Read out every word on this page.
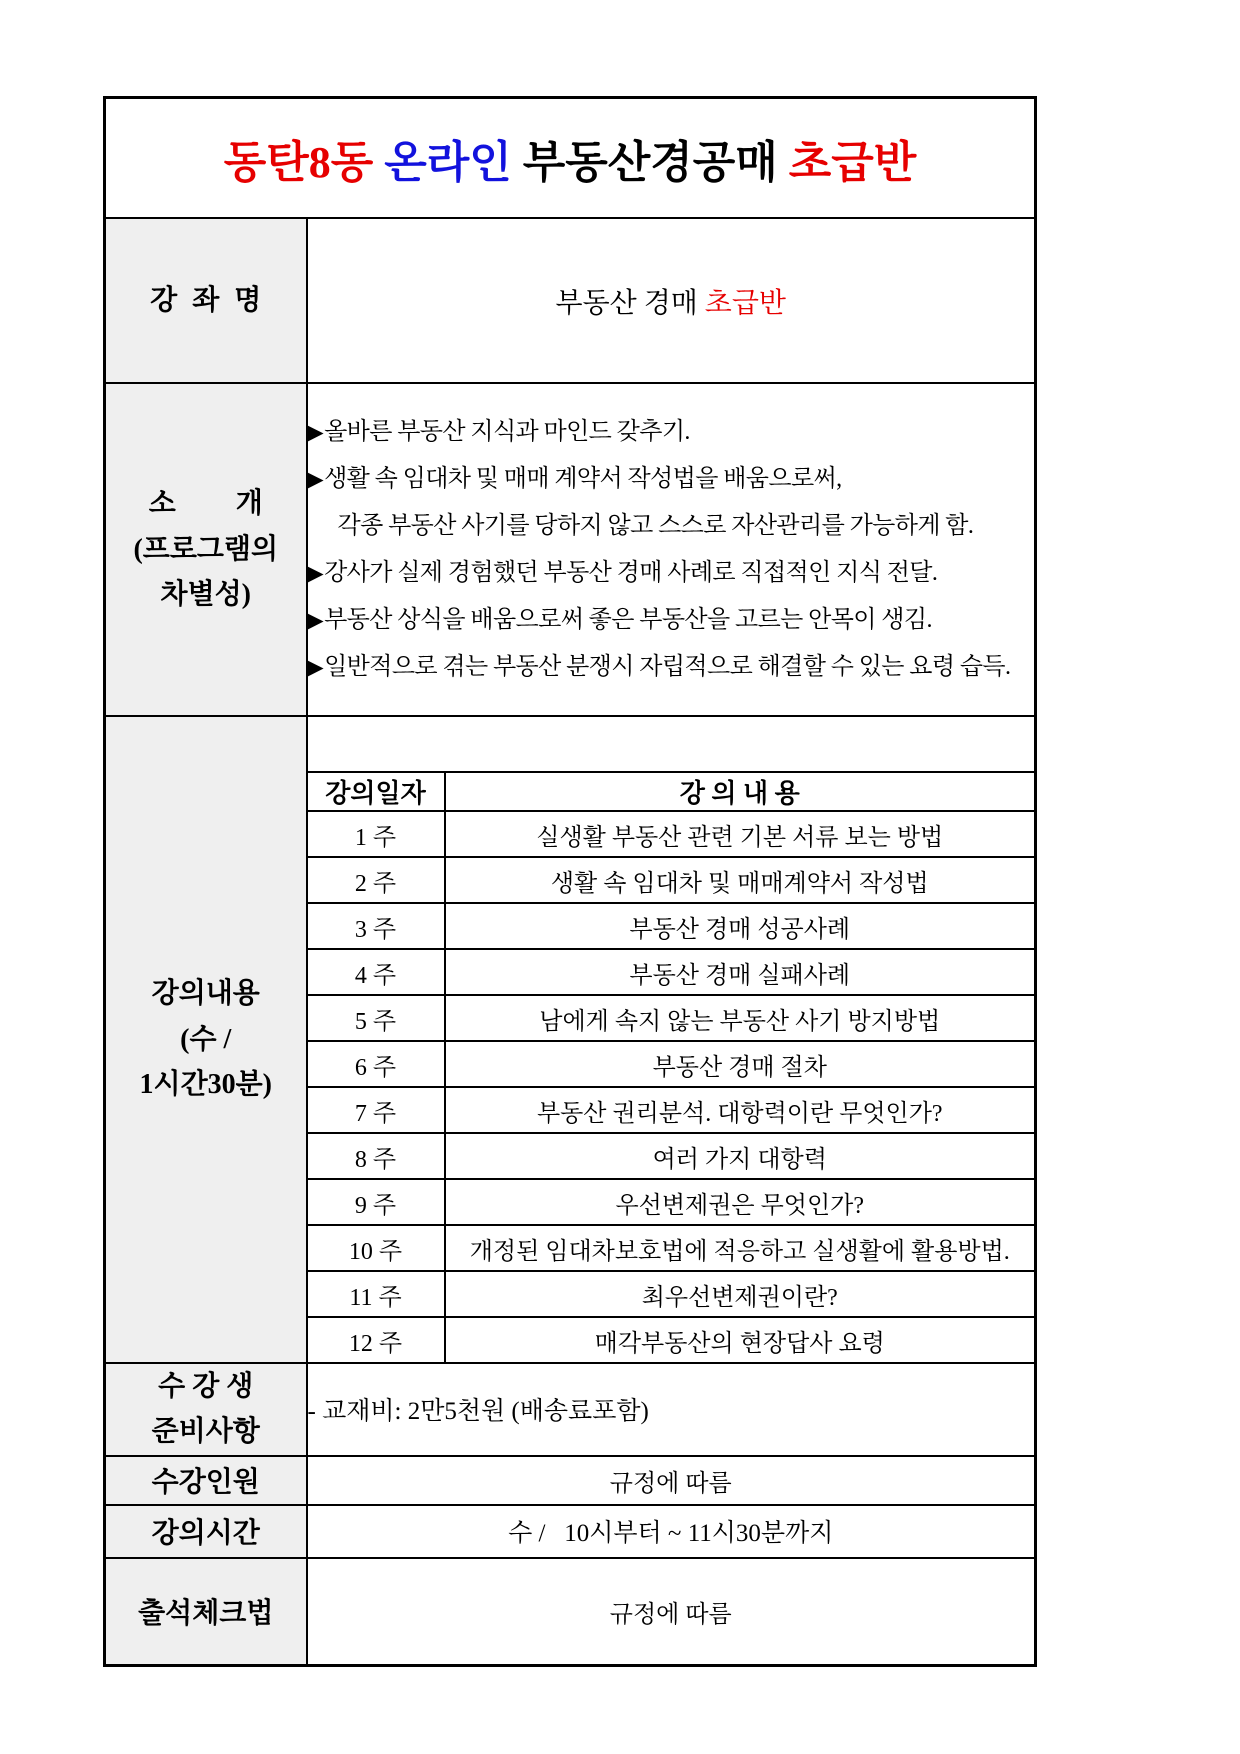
동탄8동 온라인 부동산경공매 초급반

강 좌 명	부동산 경매 초급반

소    개
(프로그램의
차별성)

▶올바른 부동산 지식과 마인드 갖추기.
▶생활 속 임대차 및 매매 계약서 작성법을 배움으로써,
각종 부동산 사기를 당하지 않고 스스로 자산관리를 가능하게 함.
▶강사가 실제 경험했던 부동산 경매 사례로 직접적인 지식 전달.
▶부동산 상식을 배움으로써 좋은 부동산을 고르는 안목이 생김.
▶일반적으로 겪는 부동산 분쟁시 자립적으로 해결할 수 있는 요령 습득.

강의내용
(수 /
1시간30분)

강의일자	강 의 내 용
1 주	실생활 부동산 관련 기본 서류 보는 방법
2 주	생활 속 임대차 및 매매계약서 작성법
3 주	부동산 경매 성공사례
4 주	부동산 경매 실패사례
5 주	남에게 속지 않는 부동산 사기 방지방법
6 주	부동산 경매 절차
7 주	부동산 권리분석. 대항력이란 무엇인가?
8 주	여러 가지 대항력
9 주	우선변제권은 무엇인가?
10 주	개정된 임대차보호법에 적응하고 실생활에 활용방법.
11 주	최우선변제권이란?
12 주	매각부동산의 현장답사 요령

수 강 생
준비사항
	- 교재비: 2만5천원 (배송료포함)
수강인원	규정에 따름
강의시간	수 /   10시부터 ~ 11시30분까지
출석체크법	규정에 따름
